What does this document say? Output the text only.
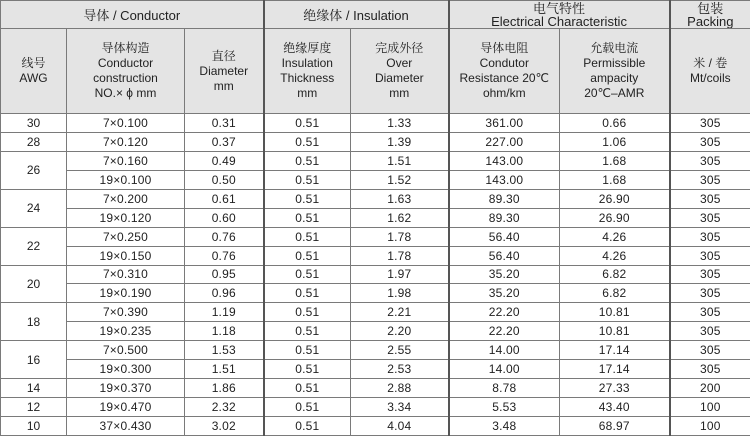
导体 / Conductor			绝缘体 / Insulation		电气特性
Electrical Characteristic		包装
Packing

线号
AWG	导体构造
Conductor
construction
NO.× ϕ mm	直径
Diameter
mm	绝缘厚度
Insulation
Thickness
mm	完成外径
Over
Diameter
mm	导体电阻
Condutor
Resistance 20℃
ohm/km	允载电流
Permissible
ampacity
20℃–AMR	米 / 卷
Mt/coils

30	7×0.100	0.31	0.51	1.33	361.00	0.66	305
28	7×0.120	0.37	0.51	1.39	227.00	1.06	305
26	7×0.160	0.49	0.51	1.51	143.00	1.68	305
	19×0.100	0.50	0.51	1.52	143.00	1.68	305
24	7×0.200	0.61	0.51	1.63	89.30	26.90	305
	19×0.120	0.60	0.51	1.62	89.30	26.90	305
22	7×0.250	0.76	0.51	1.78	56.40	4.26	305
	19×0.150	0.76	0.51	1.78	56.40	4.26	305
20	7×0.310	0.95	0.51	1.97	35.20	6.82	305
	19×0.190	0.96	0.51	1.98	35.20	6.82	305
18	7×0.390	1.19	0.51	2.21	22.20	10.81	305
	19×0.235	1.18	0.51	2.20	22.20	10.81	305
16	7×0.500	1.53	0.51	2.55	14.00	17.14	305
	19×0.300	1.51	0.51	2.53	14.00	17.14	305
14	19×0.370	1.86	0.51	2.88	8.78	27.33	200
12	19×0.470	2.32	0.51	3.34	5.53	43.40	100
10	37×0.430	3.02	0.51	4.04	3.48	68.97	100
